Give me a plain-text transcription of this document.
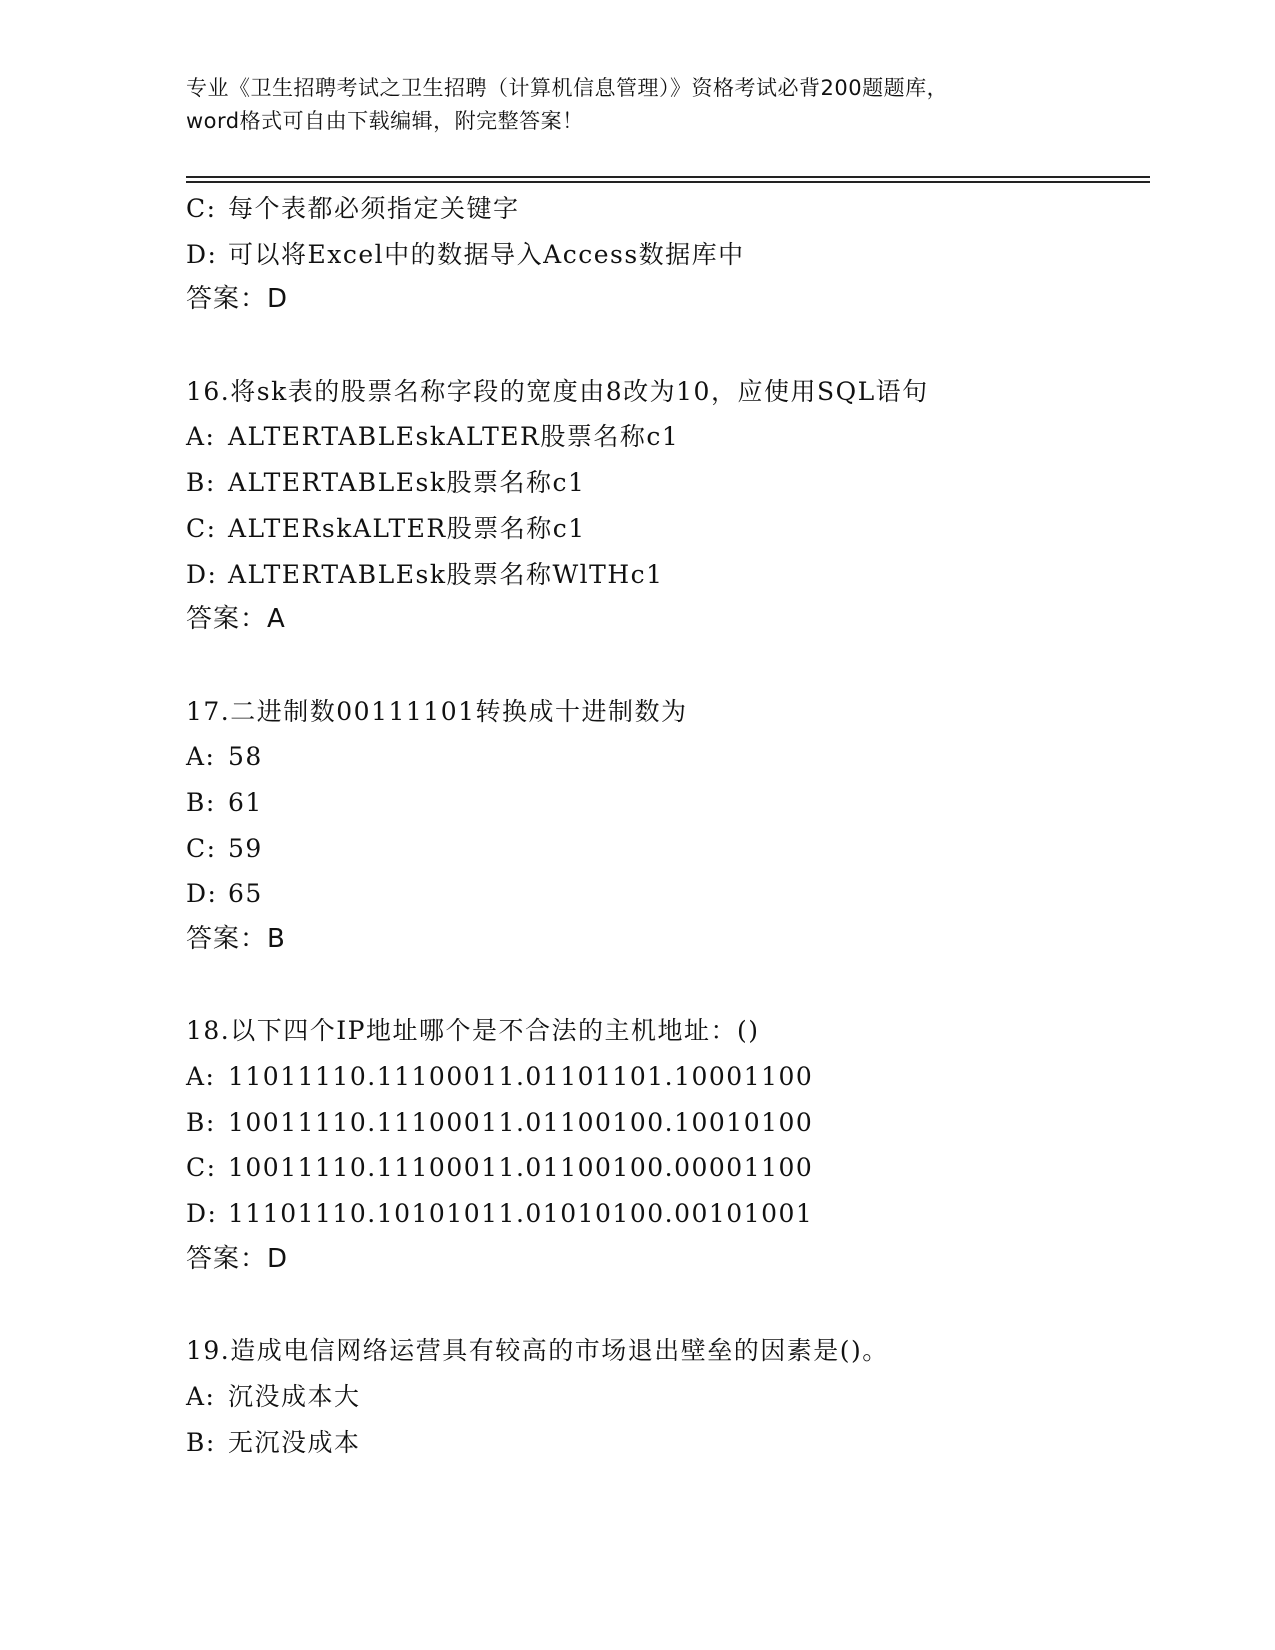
专业《卫生招聘考试之卫生招聘（计算机信息管理）》资格考试必背200题题库，
word格式可自由下载编辑，附完整答案！
C: 每个表都必须指定关键字
D: 可以将Excel中的数据导入Access数据库中
答案：D
16.将sk表的股票名称字段的宽度由8改为10，应使用SQL语句
A: ALTERTABLEskALTER股票名称c1
B: ALTERTABLEsk股票名称c1
C: ALTERskALTER股票名称c1
D: ALTERTABLEsk股票名称WlTHc1
答案：A
17.二进制数00111101转换成十进制数为
A: 58
B: 61
C: 59
D: 65
答案：B
18.以下四个IP地址哪个是不合法的主机地址：()
A: 11011110.11100011.01101101.10001100
B: 10011110.11100011.01100100.10010100
C: 10011110.11100011.01100100.00001100
D: 11101110.10101011.01010100.00101001
答案：D
19.造成电信网络运营具有较高的市场退出壁垒的因素是()。
A: 沉没成本大
B: 无沉没成本
